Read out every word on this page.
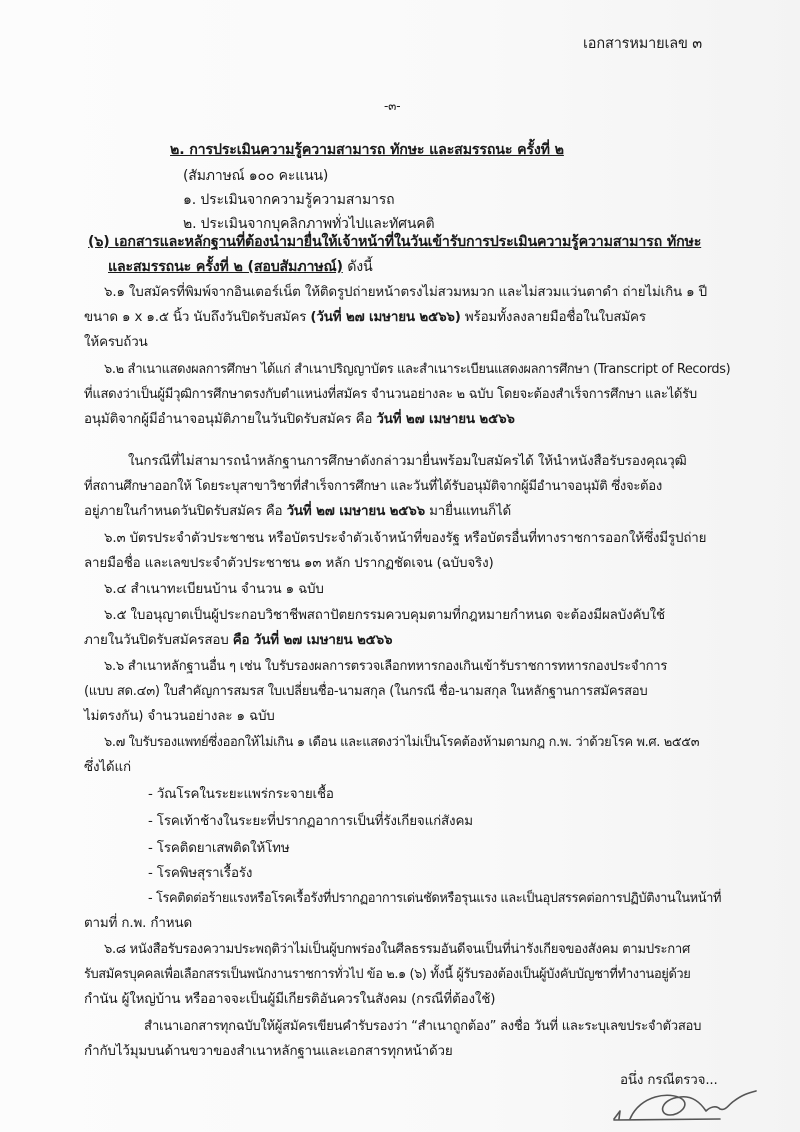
เอกสารหมายเลข ๓
-๓-
๒. การประเมินความรู้ความสามารถ ทักษะ และสมรรถนะ ครั้งที่ ๒
(สัมภาษณ์ ๑๐๐ คะแนน)
๑. ประเมินจากความรู้ความสามารถ
๒. ประเมินจากบุคลิกภาพทั่วไปและทัศนคติ
(๖) เอกสารและหลักฐานที่ต้องนำมายื่นให้เจ้าหน้าที่ในวันเข้ารับการประเมินความรู้ความสามารถ ทักษะ
และสมรรถนะ ครั้งที่ ๒ (สอบสัมภาษณ์) ดังนี้
๖.๑ ใบสมัครที่พิมพ์จากอินเตอร์เน็ต ให้ติดรูปถ่ายหน้าตรงไม่สวมหมวก และไม่สวมแว่นตาดำ ถ่ายไม่เกิน ๑ ปี
ขนาด ๑ x ๑.๕ นิ้ว นับถึงวันปิดรับสมัคร (วันที่ ๒๗ เมษายน ๒๕๖๖) พร้อมทั้งลงลายมือชื่อในใบสมัคร
ให้ครบถ้วน
๖.๒ สำเนาแสดงผลการศึกษา ได้แก่ สำเนาปริญญาบัตร และสำเนาระเบียนแสดงผลการศึกษา (Transcript of Records)
ที่แสดงว่าเป็นผู้มีวุฒิการศึกษาตรงกับตำแหน่งที่สมัคร จำนวนอย่างละ ๒ ฉบับ โดยจะต้องสำเร็จการศึกษา และได้รับ
อนุมัติจากผู้มีอำนาจอนุมัติภายในวันปิดรับสมัคร คือ วันที่ ๒๗ เมษายน ๒๕๖๖
ในกรณีที่ไม่สามารถนำหลักฐานการศึกษาดังกล่าวมายื่นพร้อมใบสมัครได้ ให้นำหนังสือรับรองคุณวุฒิ
ที่สถานศึกษาออกให้ โดยระบุสาขาวิชาที่สำเร็จการศึกษา และวันที่ได้รับอนุมัติจากผู้มีอำนาจอนุมัติ ซึ่งจะต้อง
อยู่ภายในกำหนดวันปิดรับสมัคร คือ วันที่ ๒๗ เมษายน ๒๕๖๖ มายื่นแทนก็ได้
๖.๓ บัตรประจำตัวประชาชน หรือบัตรประจำตัวเจ้าหน้าที่ของรัฐ หรือบัตรอื่นที่ทางราชการออกให้ซึ่งมีรูปถ่าย
ลายมือชื่อ และเลขประจำตัวประชาชน ๑๓ หลัก ปรากฏชัดเจน (ฉบับจริง)
๖.๔ สำเนาทะเบียนบ้าน จำนวน ๑ ฉบับ
๖.๕ ใบอนุญาตเป็นผู้ประกอบวิชาชีพสถาปัตยกรรมควบคุมตามที่กฎหมายกำหนด จะต้องมีผลบังคับใช้
ภายในวันปิดรับสมัครสอบ คือ วันที่ ๒๗ เมษายน ๒๕๖๖
๖.๖ สำเนาหลักฐานอื่น ๆ เช่น ใบรับรองผลการตรวจเลือกทหารกองเกินเข้ารับราชการทหารกองประจำการ
(แบบ สด.๔๓) ใบสำคัญการสมรส ใบเปลี่ยนชื่อ-นามสกุล (ในกรณี ชื่อ-นามสกุล ในหลักฐานการสมัครสอบ
ไม่ตรงกัน) จำนวนอย่างละ ๑ ฉบับ
๖.๗ ใบรับรองแพทย์ซึ่งออกให้ไม่เกิน ๑ เดือน และแสดงว่าไม่เป็นโรคต้องห้ามตามกฎ ก.พ. ว่าด้วยโรค พ.ศ. ๒๕๕๓
ซึ่งได้แก่
- วัณโรคในระยะแพร่กระจายเชื้อ
- โรคเท้าช้างในระยะที่ปรากฏอาการเป็นที่รังเกียจแก่สังคม
- โรคติดยาเสพติดให้โทษ
- โรคพิษสุราเรื้อรัง
- โรคติดต่อร้ายแรงหรือโรคเรื้อรังที่ปรากฏอาการเด่นชัดหรือรุนแรง และเป็นอุปสรรคต่อการปฏิบัติงานในหน้าที่
ตามที่ ก.พ. กำหนด
๖.๘ หนังสือรับรองความประพฤติว่าไม่เป็นผู้บกพร่องในศีลธรรมอันดีจนเป็นที่น่ารังเกียจของสังคม ตามประกาศ
รับสมัครบุคคลเพื่อเลือกสรรเป็นพนักงานราชการทั่วไป ข้อ ๒.๑ (๖) ทั้งนี้ ผู้รับรองต้องเป็นผู้บังคับบัญชาที่ทำงานอยู่ด้วย
กำนัน ผู้ใหญ่บ้าน หรืออาจจะเป็นผู้มีเกียรติอันควรในสังคม (กรณีที่ต้องใช้)
สำเนาเอกสารทุกฉบับให้ผู้สมัครเขียนคำรับรองว่า “สำเนาถูกต้อง” ลงชื่อ วันที่ และระบุเลขประจำตัวสอบ
กำกับไว้มุมบนด้านขวาของสำเนาหลักฐานและเอกสารทุกหน้าด้วย
อนึ่ง กรณีตรวจ...
